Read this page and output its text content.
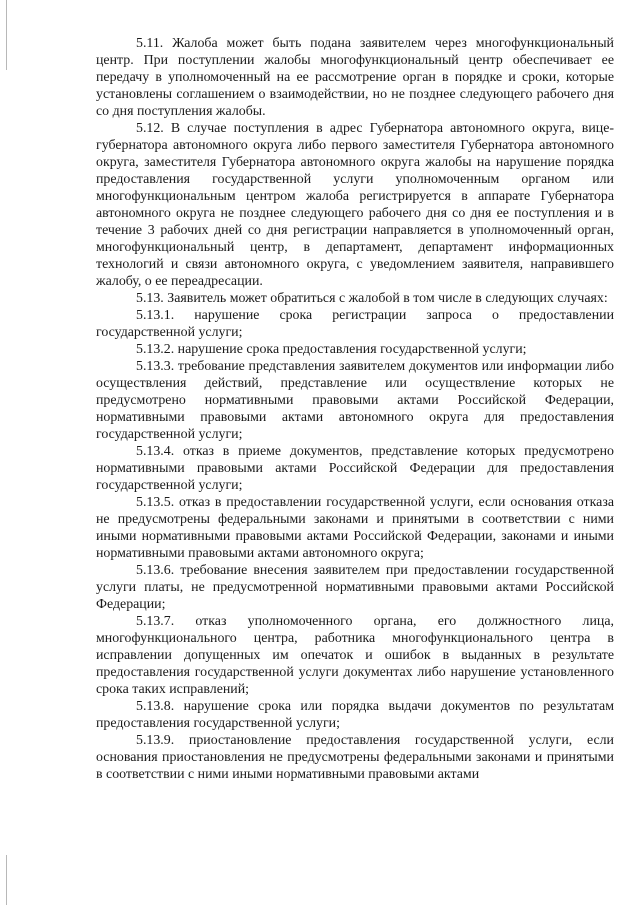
5.11. Жалоба может быть подана заявителем через многофункциональный центр. При поступлении жалобы многофункциональный центр обеспечивает ее передачу в уполномоченный на ее рассмотрение орган в порядке и сроки, которые установлены соглашением о взаимодействии, но не позднее следующего рабочего дня со дня поступления жалобы.

5.12. В случае поступления в адрес Губернатора автономного округа, вице-губернатора автономного округа либо первого заместителя Губернатора автономного округа, заместителя Губернатора автономного округа жалобы на нарушение порядка предоставления государственной услуги уполномоченным органом или многофункциональным центром жалоба регистрируется в аппарате Губернатора автономного округа не позднее следующего рабочего дня со дня ее поступления и в течение 3 рабочих дней со дня регистрации направляется в уполномоченный орган, многофункциональный центр, в департамент, департамент информационных технологий и связи автономного округа, с уведомлением заявителя, направившего жалобу, о ее переадресации.

5.13. Заявитель может обратиться с жалобой в том числе в следующих случаях:

5.13.1. нарушение срока регистрации запроса о предоставлении государственной услуги;

5.13.2. нарушение срока предоставления государственной услуги;

5.13.3. требование представления заявителем документов или информации либо осуществления действий, представление или осуществление которых не предусмотрено нормативными правовыми актами Российской Федерации, нормативными правовыми актами автономного округа для предоставления государственной услуги;

5.13.4. отказ в приеме документов, представление которых предусмотрено нормативными правовыми актами Российской Федерации для предоставления государственной услуги;

5.13.5. отказ в предоставлении государственной услуги, если основания отказа не предусмотрены федеральными законами и принятыми в соответствии с ними иными нормативными правовыми актами Российской Федерации, законами и иными нормативными правовыми актами автономного округа;

5.13.6. требование внесения заявителем при предоставлении государственной услуги платы, не предусмотренной нормативными правовыми актами Российской Федерации;

5.13.7. отказ уполномоченного органа, его должностного лица, многофункционального центра, работника многофункционального центра в исправлении допущенных им опечаток и ошибок в выданных в результате предоставления государственной услуги документах либо нарушение установленного срока таких исправлений;

5.13.8. нарушение срока или порядка выдачи документов по результатам предоставления государственной услуги;

5.13.9. приостановление предоставления государственной услуги, если основания приостановления не предусмотрены федеральными законами и принятыми в соответствии с ними иными нормативными правовыми актами
